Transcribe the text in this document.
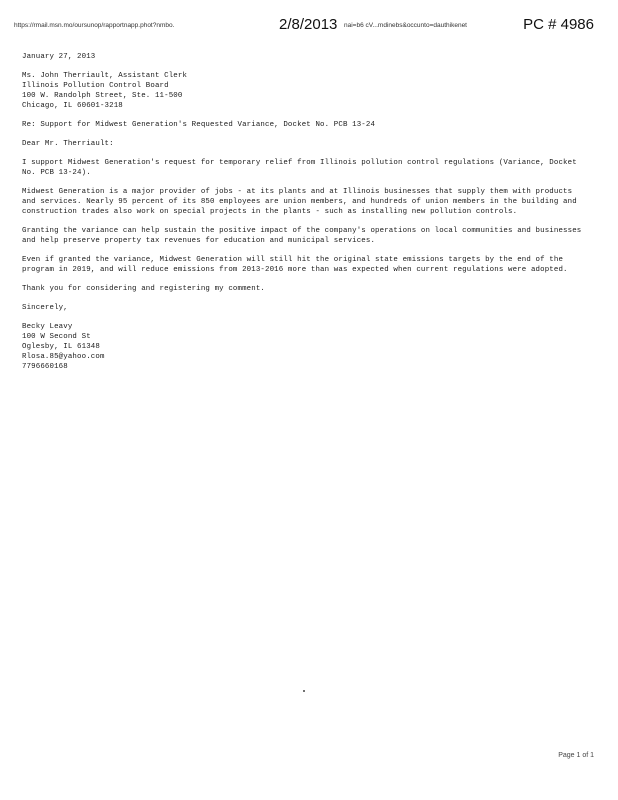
https://rmail.msn.mo/oursunop/rapportnapp.phot?nmbo.	2/8/2013 nai=b6 cV...mdinebs&occunto=dauthikenet	PC # 4986
January 27, 2013
Ms. John Therriault, Assistant Clerk
Illinois Pollution Control Board
100 W. Randolph Street, Ste. 11-500
Chicago, IL 60601-3218
Re: Support for Midwest Generation's Requested Variance, Docket No. PCB 13-24
Dear Mr. Therriault:
I support Midwest Generation's request for temporary relief from Illinois pollution control regulations (Variance, Docket No. PCB 13-24).
Midwest Generation is a major provider of jobs - at its plants and at Illinois businesses that supply them with products and services. Nearly 95 percent of its 850 employees are union members, and hundreds of union members in the building and construction trades also work on special projects in the plants - such as installing new pollution controls.
Granting the variance can help sustain the positive impact of the company's operations on local communities and businesses and help preserve property tax revenues for education and municipal services.
Even if granted the variance, Midwest Generation will still hit the original state emissions targets by the end of the program in 2019, and will reduce emissions from 2013-2016 more than was expected when current regulations were adopted.
Thank you for considering and registering my comment.
Sincerely,
Becky Leavy
100 W Second St
Oglesby, IL 61348
Rlosa.85@yahoo.com
7796660168
Page 1 of 1
